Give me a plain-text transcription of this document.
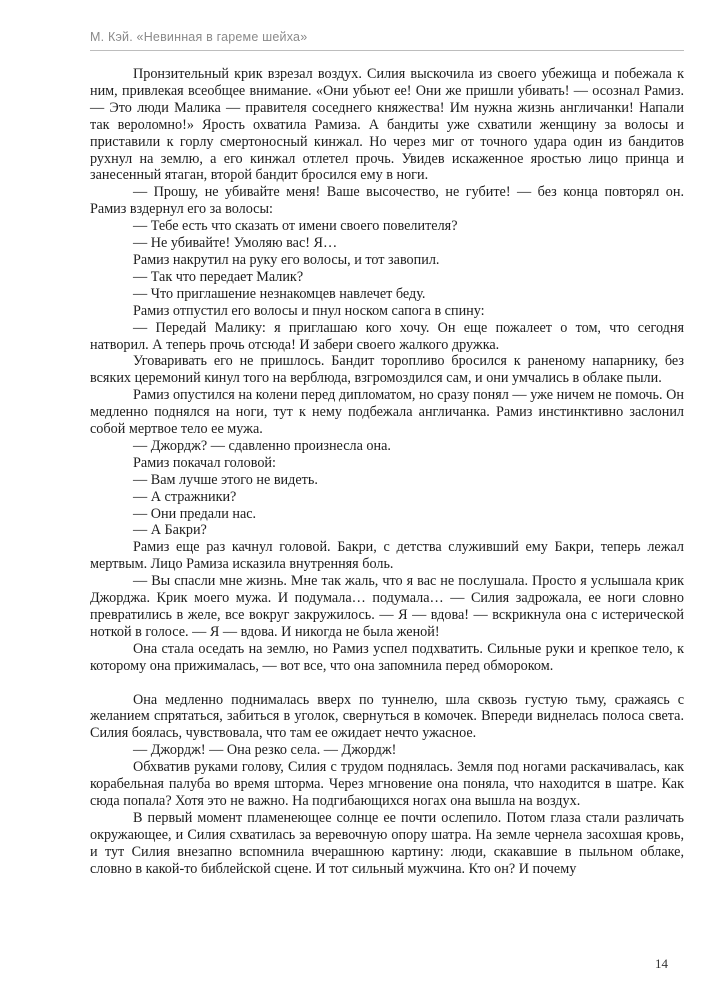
М. Кэй. «Невинная в гареме шейха»

Пронзительный крик взрезал воздух. Силия выскочила из своего убежища и побежала к ним, привлекая всеобщее внимание. «Они убьют ее! Они же пришли убивать! — осознал Рамиз. — Это люди Малика — правителя соседнего княжества! Им нужна жизнь англичанки! Напали так вероломно!» Ярость охватила Рамиза. А бандиты уже схватили женщину за волосы и приставили к горлу смертоносный кинжал. Но через миг от точного удара один из бандитов рухнул на землю, а его кинжал отлетел прочь. Увидев искаженное яростью лицо принца и занесенный ятаган, второй бандит бросился ему в ноги.

— Прошу, не убивайте меня! Ваше высочество, не губите! — без конца повторял он. Рамиз вздернул его за волосы:

— Тебе есть что сказать от имени своего повелителя?

— Не убивайте! Умоляю вас! Я…

Рамиз накрутил на руку его волосы, и тот завопил.

— Так что передает Малик?

— Что приглашение незнакомцев навлечет беду.

Рамиз отпустил его волосы и пнул носком сапога в спину:

— Передай Малику: я приглашаю кого хочу. Он еще пожалеет о том, что сегодня натворил. А теперь прочь отсюда! И забери своего жалкого дружка.

Уговаривать его не пришлось. Бандит торопливо бросился к раненому напарнику, без всяких церемоний кинул того на верблюда, взгромоздился сам, и они умчались в облаке пыли.

Рамиз опустился на колени перед дипломатом, но сразу понял — уже ничем не помочь. Он медленно поднялся на ноги, тут к нему подбежала англичанка. Рамиз инстинктивно заслонил собой мертвое тело ее мужа.

— Джордж? — сдавленно произнесла она.

Рамиз покачал головой:

— Вам лучше этого не видеть.

— А стражники?

— Они предали нас.

— А Бакри?

Рамиз еще раз качнул головой. Бакри, с детства служивший ему Бакри, теперь лежал мертвым. Лицо Рамиза исказила внутренняя боль.

— Вы спасли мне жизнь. Мне так жаль, что я вас не послушала. Просто я услышала крик Джорджа. Крик моего мужа. И подумала… подумала… — Силия задрожала, ее ноги словно превратились в желе, все вокруг закружилось. — Я — вдова! — вскрикнула она с истерической ноткой в голосе. — Я — вдова. И никогда не была женой!

Она стала оседать на землю, но Рамиз успел подхватить. Сильные руки и крепкое тело, к которому она прижималась, — вот все, что она запомнила перед обмороком.

Она медленно поднималась вверх по туннелю, шла сквозь густую тьму, сражаясь с желанием спрятаться, забиться в уголок, свернуться в комочек. Впереди виднелась полоса света. Силия боялась, чувствовала, что там ее ожидает нечто ужасное.

— Джордж! — Она резко села. — Джордж!

Обхватив руками голову, Силия с трудом поднялась. Земля под ногами раскачивалась, как корабельная палуба во время шторма. Через мгновение она поняла, что находится в шатре. Как сюда попала? Хотя это не важно. На подгибающихся ногах она вышла на воздух.

В первый момент пламенеющее солнце ее почти ослепило. Потом глаза стали различать окружающее, и Силия схватилась за веревочную опору шатра. На земле чернела засохшая кровь, и тут Силия внезапно вспомнила вчерашнюю картину: люди, скакавшие в пыльном облаке, словно в какой-то библейской сцене. И тот сильный мужчина. Кто он? И почему

14
